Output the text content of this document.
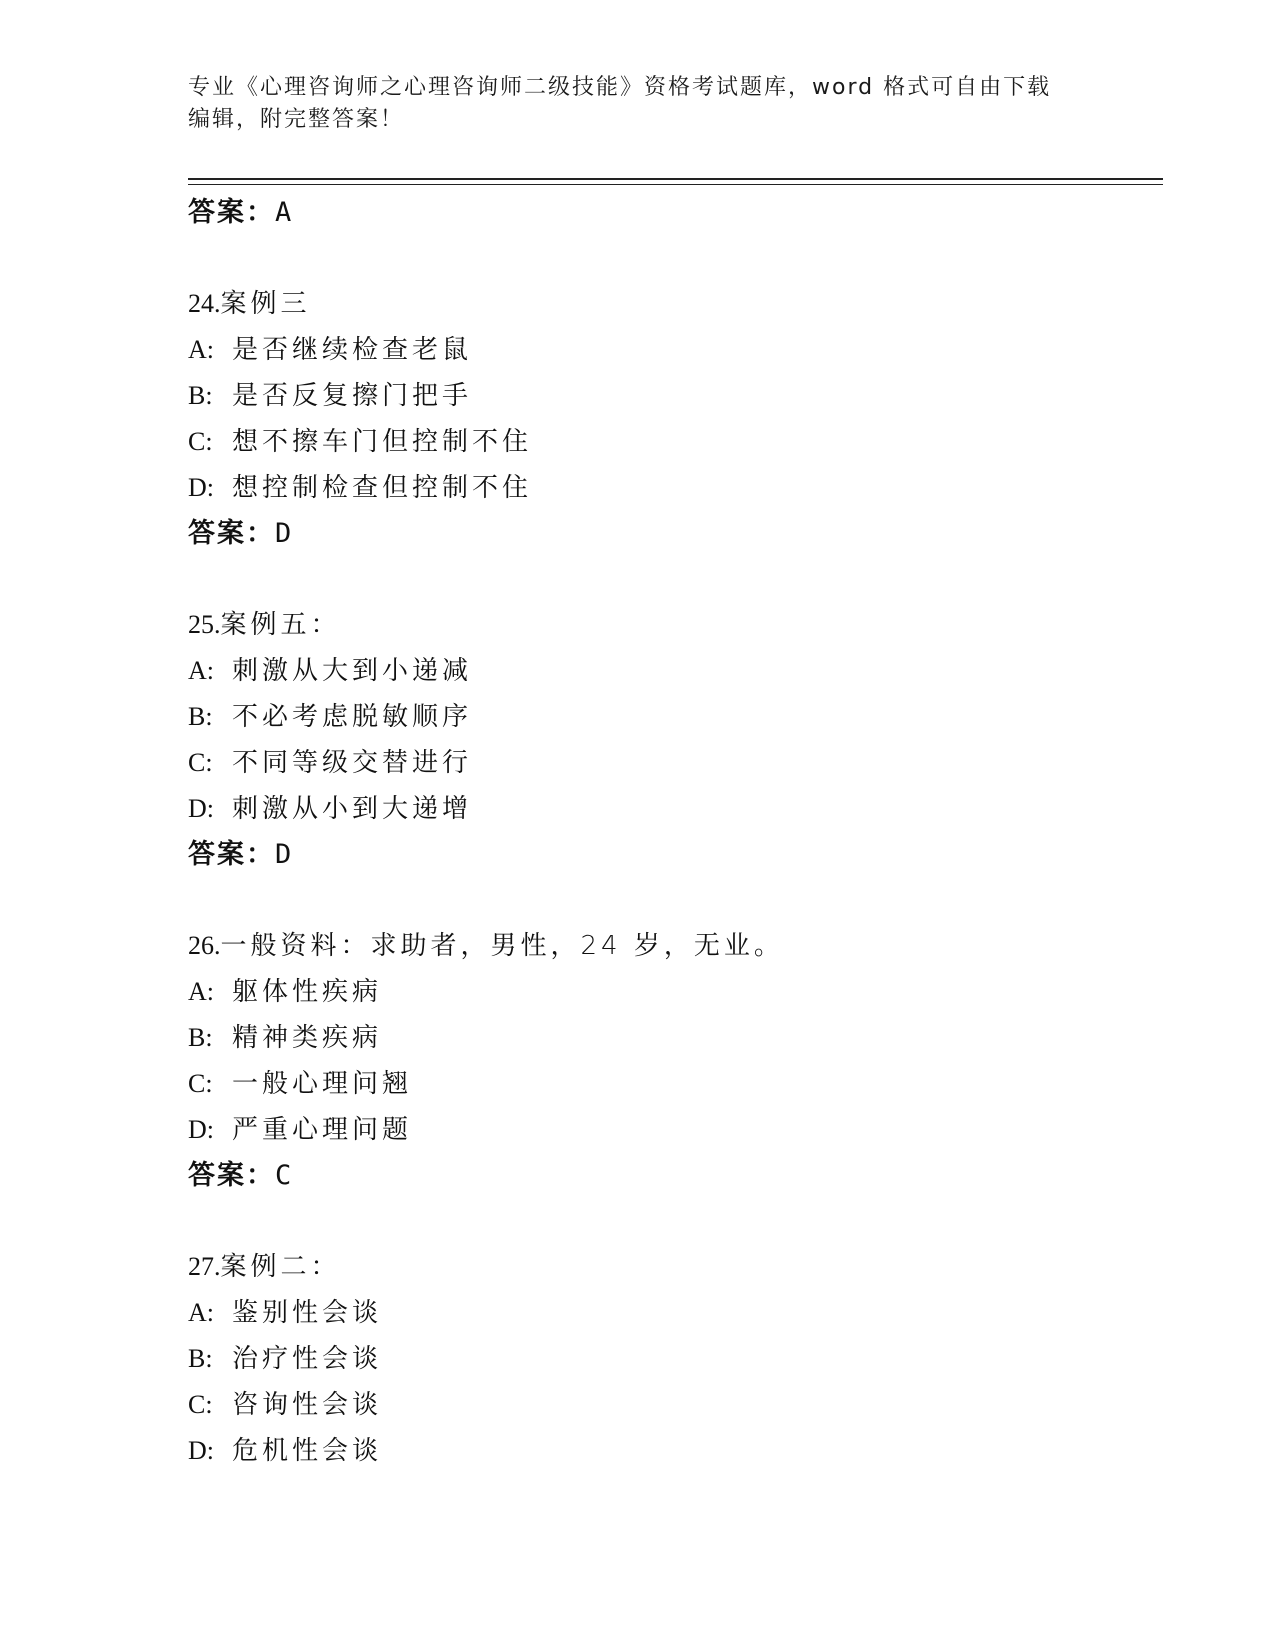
专业《心理咨询师之心理咨询师二级技能》资格考试题库，word 格式可自由下载
编辑，附完整答案！
答案：A
24.案例三
A: 是否继续检查老鼠
B: 是否反复擦门把手
C: 想不擦车门但控制不住
D: 想控制检查但控制不住
答案：D
25.案例五：
A: 刺激从大到小递减
B: 不必考虑脱敏顺序
C: 不同等级交替进行
D: 刺激从小到大递增
答案：D
26.一般资料：求助者，男性，24 岁，无业。
A: 躯体性疾病
B: 精神类疾病
C: 一般心理问翘
D: 严重心理问题
答案：C
27.案例二：
A: 鉴别性会谈
B: 治疗性会谈
C: 咨询性会谈
D: 危机性会谈
